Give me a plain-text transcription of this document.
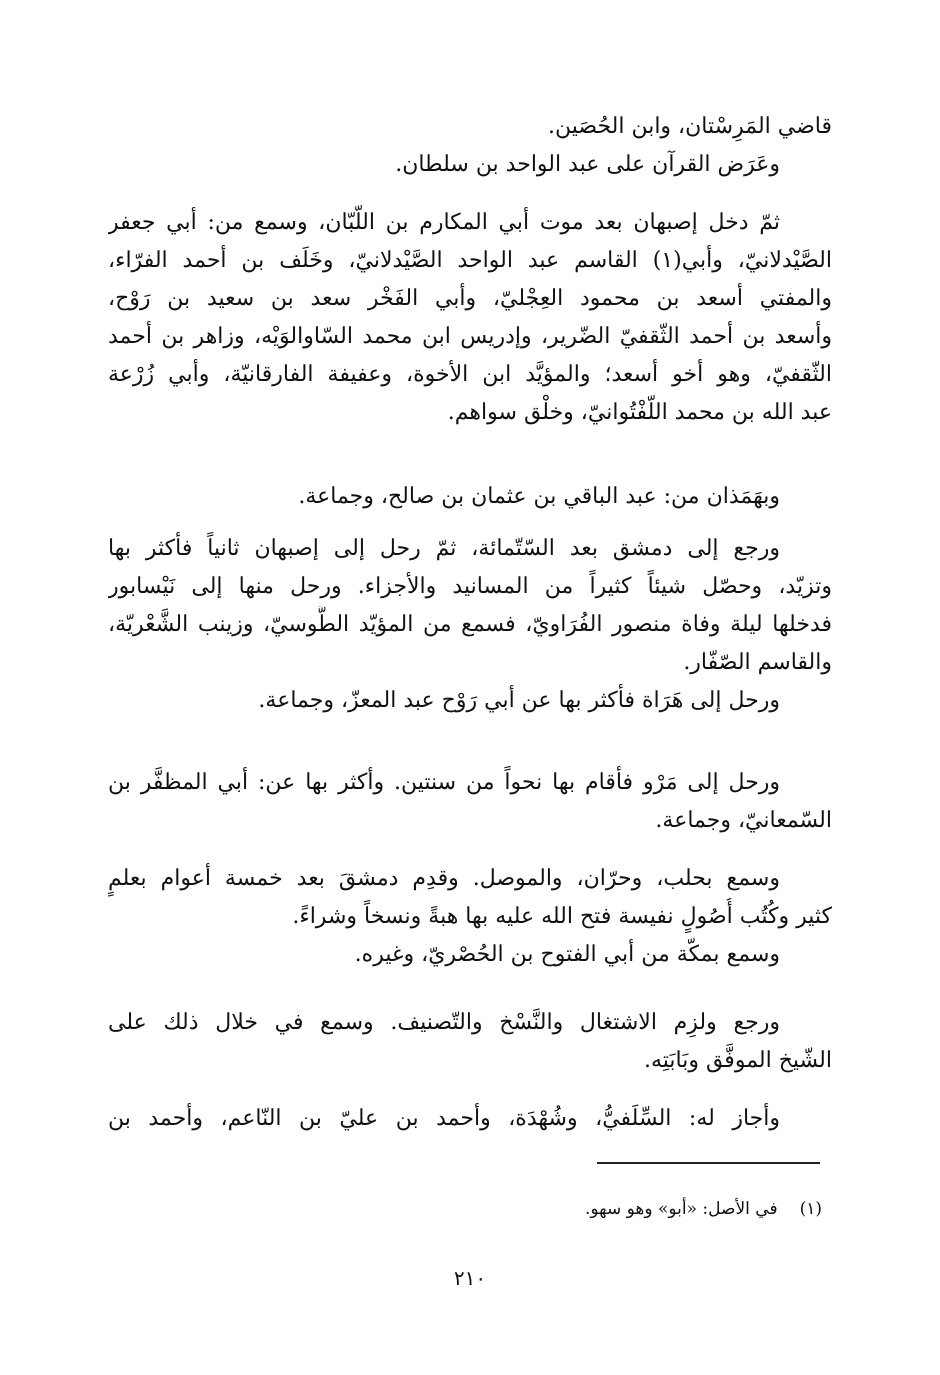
قاضي المَرِسْتان، وابن الحُصَين.
وعَرَض القرآن على عبد الواحد بن سلطان.
ثمّ دخل إصبهان بعد موت أبي المكارم بن اللّبّان، وسمع من: أبي جعفر
الصَّيْدلانيّ، وأبي(١) القاسم عبد الواحد الصَّيْدلانيّ، وخَلَف بن أحمد الفرّاء،
والمفتي أسعد بن محمود العِجْليّ، وأبي الفَخْر سعد بن سعيد بن رَوْح،
وأسعد بن أحمد الثّقفيّ الضّرير، وإدريس ابن محمد السّاوالوَيْه، وزاهر بن أحمد
الثّقفيّ، وهو أخو أسعد؛ والمؤيَّد ابن الأخوة، وعفيفة الفارقانيّة، وأبي زُرْعة
عبد الله بن محمد اللّفْتُوانيّ، وخلْق سواهم.
وبهَمَذان من: عبد الباقي بن عثمان بن صالح، وجماعة.
ورجع إلى دمشق بعد السّتّمائة، ثمّ رحل إلى إصبهان ثانياً فأكثر بها
وتزيّد، وحصّل شيئاً كثيراً من المسانيد والأجزاء. ورحل منها إلى نَيْسابور
فدخلها ليلة وفاة منصور الفُرَاويّ، فسمع من المؤيّد الطُّوسيّ، وزينب الشَّعْريّة،
والقاسم الصّفّار.
ورحل إلى هَرَاة فأكثر بها عن أبي رَوْح عبد المعزّ، وجماعة.
ورحل إلى مَرْو فأقام بها نحواً من سنتين. وأكثر بها عن: أبي المظفَّر بن
السّمعانيّ، وجماعة.
وسمع بحلب، وحرّان، والموصل. وقدِم دمشقَ بعد خمسة أعوام بعلمٍ
كثير وكُتُب أُصُولٍ نفيسة فتح الله عليه بها هبةً ونسخاً وشراءً.
وسمع بمكّة من أبي الفتوح بن الحُصْريّ، وغيره.
ورجع ولزِم الاشتغال والنَّسْخ والتّصنيف. وسمع في خلال ذلك على
الشّيخ الموفَّق وبَابَتِه.
وأجاز له: السِّلَفيُّ، وشُهْدَة، وأحمد بن عليّ بن النّاعم، وأحمد بن
(١)في الأصل: «أبو» وهو سهو.
٢١٠
